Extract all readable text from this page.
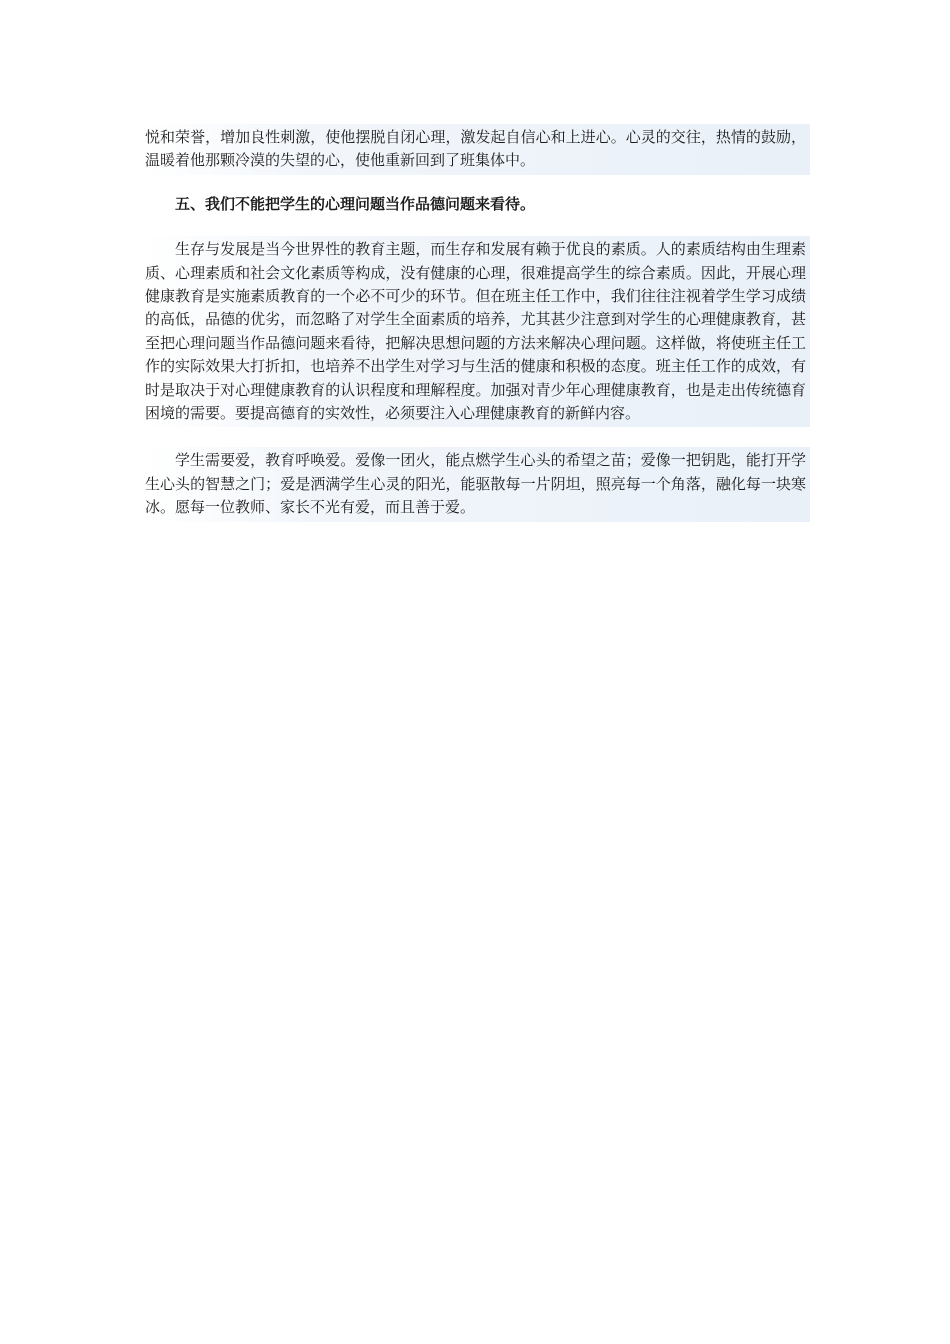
悦和荣誉，增加良性刺激，使他摆脱自闭心理，激发起自信心和上进心。心灵的交往，热情的鼓励，温暖着他那颗冷漠的失望的心，使他重新回到了班集体中。

五、我们不能把学生的心理问题当作品德问题来看待。

生存与发展是当今世界性的教育主题，而生存和发展有赖于优良的素质。人的素质结构由生理素质、心理素质和社会文化素质等构成，没有健康的心理，很难提高学生的综合素质。因此，开展心理健康教育是实施素质教育的一个必不可少的环节。但在班主任工作中，我们往往注视着学生学习成绩的高低，品德的优劣，而忽略了对学生全面素质的培养，尤其甚少注意到对学生的心理健康教育，甚至把心理问题当作品德问题来看待，把解决思想问题的方法来解决心理问题。这样做，将使班主任工作的实际效果大打折扣，也培养不出学生对学习与生活的健康和积极的态度。班主任工作的成效，有时是取决于对心理健康教育的认识程度和理解程度。加强对青少年心理健康教育，也是走出传统德育困境的需要。要提高德育的实效性，必须要注入心理健康教育的新鲜内容。

学生需要爱，教育呼唤爱。爱像一团火，能点燃学生心头的希望之苗；爱像一把钥匙，能打开学生心头的智慧之门；爱是洒满学生心灵的阳光，能驱散每一片阴坦，照亮每一个角落，融化每一块寒冰。愿每一位教师、家长不光有爱，而且善于爱。
